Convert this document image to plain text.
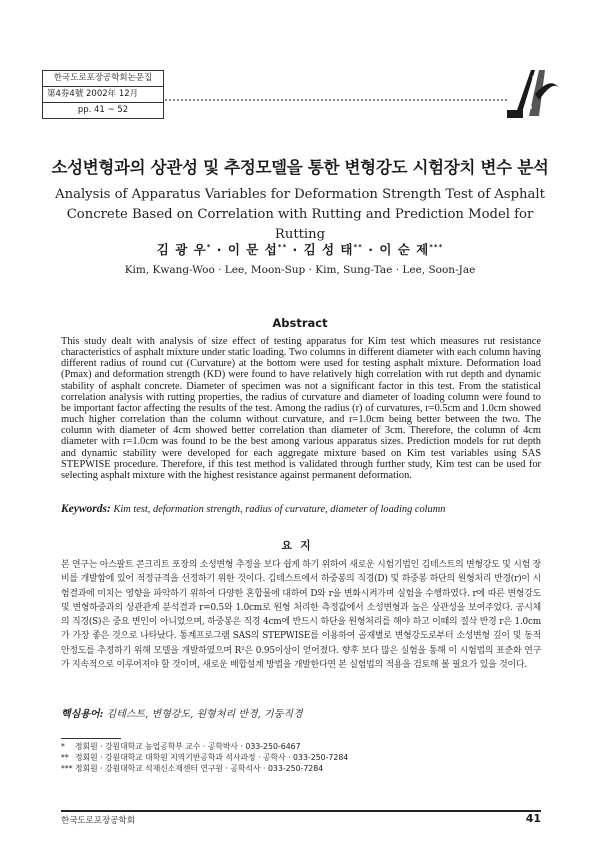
한국도로포장공학회논문집
第4券4號 2002年 12月
pp. 41 ~ 52
소성변형과의 상관성 및 추정모델을 통한 변형강도 시험장치 변수 분석
Analysis of Apparatus Variables for Deformation Strength Test of Asphalt Concrete Based on Correlation with Rutting and Prediction Model for Rutting
김 광 우* · 이 문 섭** · 김 성 태** · 이 순 제***
Kim, Kwang-Woo · Lee, Moon-Sup · Kim, Sung-Tae · Lee, Soon-Jae
Abstract
This study dealt with analysis of size effect of testing apparatus for Kim test which measures rut resistance characteristics of asphalt mixture under static loading. Two columns in different diameter with each column having different radius of round cut (Curvature) at the bottom were used for testing asphalt mixture. Deformation load (Pmax) and deformation strength (KD) were found to have relatively high correlation with rut depth and dynamic stability of asphalt concrete. Diameter of specimen was not a significant factor in this test. From the statistical correlation analysis with rutting properties, the radius of curvature and diameter of loading column were found to be important factor affecting the results of the test. Among the radius (r) of curvatures, r=0.5cm and 1.0cm showed much higher correlation than the column without curvature, and r=1.0cm being better between the two. The column with diameter of 4cm showed better correlation than diameter of 3cm. Therefore, the column of 4cm diameter with r=1.0cm was found to be the best among various apparatus sizes. Prediction models for rut depth and dynamic stability were developed for each aggregate mixture based on Kim test variables using SAS STEPWISE procedure. Therefore, if this test method is validated through further study, Kim test can be used for selecting asphalt mixture with the highest resistance against permanent deformation.
Keywords: Kim test, deformation strength, radius of curvature, diameter of loading column
요지
본 연구는 아스팔트 콘크리트 포장의 소성변형 추정을 보다 쉽게 하기 위하여 새로운 시험기법인 김테스트의 변형강도 및 시험 장비를 개발함에 있어 적정규격을 선정하기 위한 것이다. 김테스트에서 하중봉의 직경(D) 및 하중봉 하단의 원형처리 반경(r)이 시험결과에 미치는 영향을 파악하기 위하여 다양한 혼합물에 대하여 D와 r을 변화시켜가며 실험을 수행하였다. r에 따른 변형강도 및 변형하중과의 상관관계 분석결과 r=0.5와 1.0cm로 원형 처리한 측정값에서 소성변형과 높은 상관성을 보여주었다. 공시체의 직경(S)은 중요 변인이 아니었으며, 하중봉은 직경 4cm에 반드시 하단을 원형처리를 해야 하고 이때의 절삭 반경 r은 1.0cm가 가장 좋은 것으로 나타났다. 통계프로그램 SAS의 STEPWISE를 이용하여 골재별로 변형강도로부터 소성변형 깊이 및 동적안정도를 추정하기 위해 모델을 개발하였으며 R²은 0.95이상이 얻어졌다. 향후 보다 많은 실험을 통해 이 시험법의 표준화 연구가 지속적으로 이루어져야 할 것이며, 새로운 배합설계 방법을 개발한다면 본 실험법의 적용을 검토해 볼 필요가 있을 것이다.
핵심용어: 김테스트, 변형강도, 원형처리 반경, 기둥직경
* 정회원 · 강원대학교 농업공학부 교수 · 공학박사 · 033-250-6467
** 정회원 · 강원대학교 대학원 지역기반공학과 석사과정 · 공학사 · 033-250-7284
*** 정회원 · 강원대학교 석재신소재센터 연구원 · 공학석사 · 033-250-7284
한국도로포장공학회	41
